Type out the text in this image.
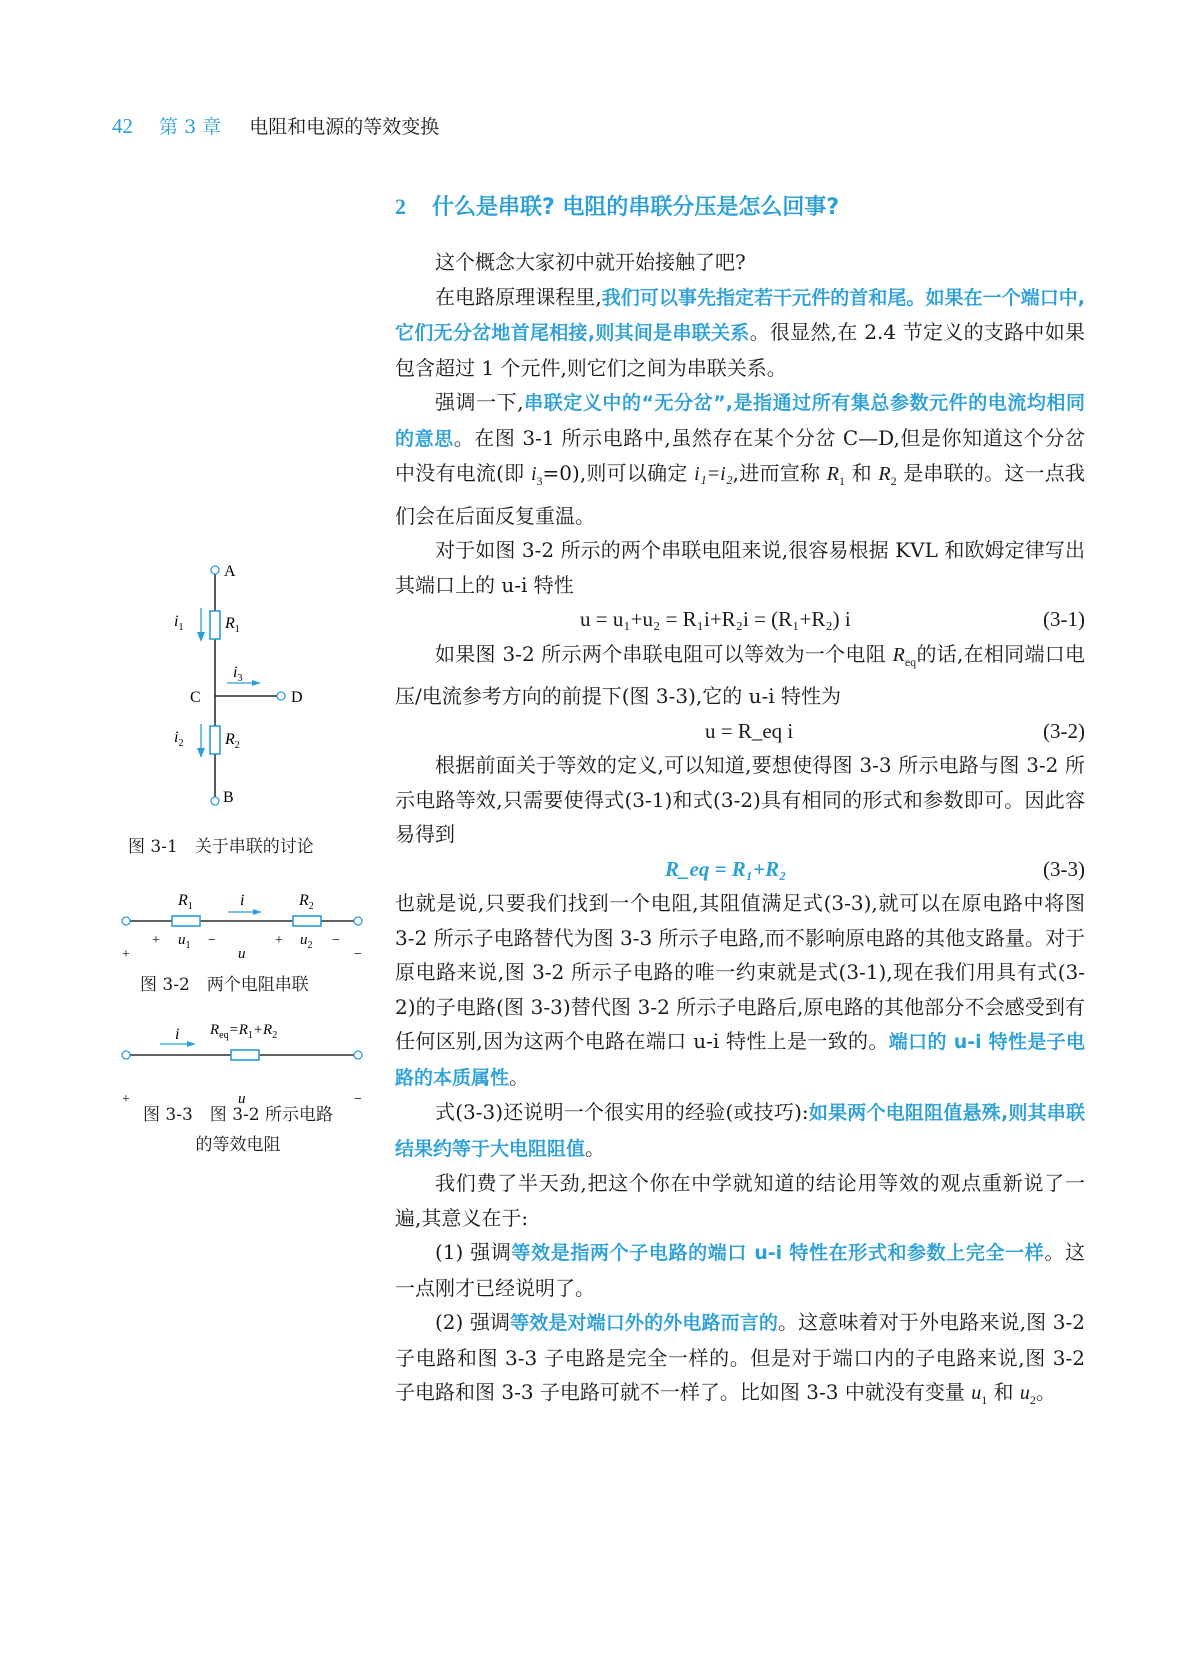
42 第 3 章 电阻和电源的等效变换
2 什么是串联? 电阻的串联分压是怎么回事?

这个概念大家初中就开始接触了吧?

在电路原理课程里,我们可以事先指定若干元件的首和尾。如果在一个端口中,它们无分岔地首尾相接,则其间是串联关系。很显然,在 2.4 节定义的支路中如果包含超过 1 个元件,则它们之间为串联关系。

强调一下,串联定义中的“无分岔”,是指通过所有集总参数元件的电流均相同的意思。在图 3-1 所示电路中,虽然存在某个分岔 C—D,但是你知道这个分岔中没有电流(即 $i_3=0$),则可以确定 i₁=i₂,进而宣称 $R_1$ 和 $R_2$ 是串联的。这一点我们会在后面反复重温。

对于如图 3-2 所示的两个串联电阻来说,很容易根据 KVL 和欧姆定律写出其端口上的 u-i 特性

u = u₁+u₂ = R₁i+R₂i = (R₁+R₂) i	(3-1)

如果图 3-2 所示两个串联电阻可以等效为一个电阻 $R_{eq}$的话,在相同端口电压/电流参考方向的前提下(图 3-3),它的 u-i 特性为

u = R_eq i	(3-2)

根据前面关于等效的定义,可以知道,要想使得图 3-3 所示电路与图 3-2 所示电路等效,只需要使得式(3-1)和式(3-2)具有相同的形式和参数即可。因此容易得到

R_eq = R₁+R₂	(3-3)

也就是说,只要我们找到一个电阻,其阻值满足式(3-3),就可以在原电路中将图 3-2 所示子电路替代为图 3-3 所示子电路,而不影响原电路的其他支路量。对于原电路来说,图 3-2 所示子电路的唯一约束就是式(3-1),现在我们用具有式(3-2)的子电路(图 3-3)替代图 3-2 所示子电路后,原电路的其他部分不会感受到有任何区别,因为这两个电路在端口 u-i 特性上是一致的。端口的 u-i 特性是子电路的本质属性。

式(3-3)还说明一个很实用的经验(或技巧):如果两个电阻阻值悬殊,则其串联结果约等于大电阻阻值。

我们费了半天劲,把这个你在中学就知道的结论用等效的观点重新说了一遍,其意义在于:

(1) 强调等效是指两个子电路的端口 u-i 特性在形式和参数上完全一样。这一点刚才已经说明了。

(2) 强调等效是对端口外的外电路而言的。这意味着对于外电路来说,图 3-2 子电路和图 3-3 子电路是完全一样的。但是对于端口内的子电路来说,图 3-2 子电路和图 3-3 子电路可就不一样了。比如图 3-3 中就没有变量 $u_1$ 和 $u_2$。

A
B
C	D
$R_1$
$R_2$
$i_1$
$i_2$
$i_3$
图 3-1　关于串联的讨论
$R_1$	$R_2$
i
+ $u_1$ −	+ $u_2$ −
+	u	−
图 3-2　两个电阻串联
i $R_{eq}=R_1+R_2$
+	u	−
图 3-3　图 3-2 所示电路
的等效电阻
